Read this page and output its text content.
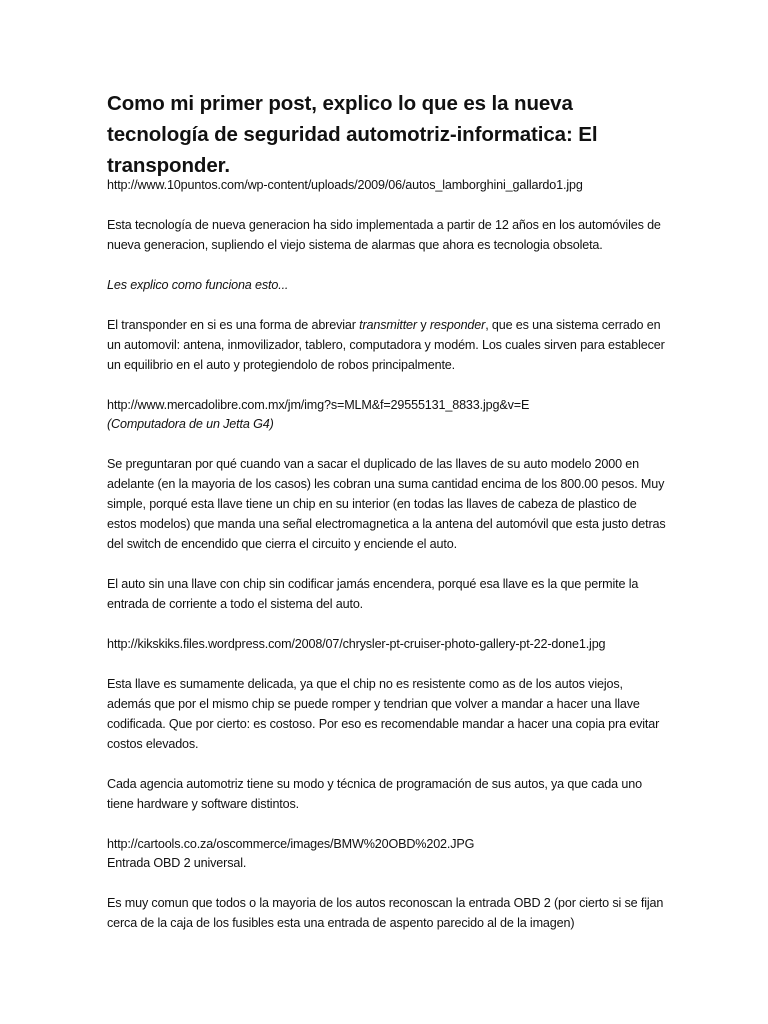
Como mi primer post, explico lo que es la nueva tecnología de seguridad automotriz-informatica: El transponder.

http://www.10puntos.com/wp-content/uploads/2009/06/autos_lamborghini_gallardo1.jpg

Esta tecnología de nueva generacion ha sido implementada a partir de 12 años en los automóviles de nueva generacion, supliendo el viejo sistema de alarmas que ahora es tecnologia obsoleta.

Les explico como funciona esto...

El transponder en si es una forma de abreviar transmitter y responder, que es una sistema cerrado en un automovil: antena, inmovilizador, tablero, computadora y modém. Los cuales sirven para establecer un equilibrio en el auto y protegiendolo de robos principalmente.

http://www.mercadolibre.com.mx/jm/img?s=MLM&f=29555131_8833.jpg&v=E

(Computadora de un Jetta G4)

Se preguntaran por qué cuando van a sacar el duplicado de las llaves de su auto modelo 2000 en adelante (en la mayoria de los casos) les cobran una suma cantidad encima de los 800.00 pesos. Muy simple, porqué esta llave tiene un chip en su interior (en todas las llaves de cabeza de plastico de estos modelos) que manda una señal electromagnetica a la antena del automóvil que esta justo detras del switch de encendido que cierra el circuito y enciende el auto.

El auto sin una llave con chip sin codificar jamás encendera, porqué esa llave es la que permite la entrada de corriente a todo el sistema del auto.

http://kikskiks.files.wordpress.com/2008/07/chrysler-pt-cruiser-photo-gallery-pt-22-done1.jpg

Esta llave es sumamente delicada, ya que el chip no es resistente como as de los autos viejos, además que por el mismo chip se puede romper y tendrian que volver a mandar a hacer una llave codificada. Que por cierto: es costoso. Por eso es recomendable mandar a hacer una copia pra evitar costos elevados.

Cada agencia automotriz tiene su modo y técnica de programación de sus autos, ya que cada uno tiene hardware y software distintos.

http://cartools.co.za/oscommerce/images/BMW%20OBD%202.JPG

Entrada OBD 2 universal.

Es muy comun que todos o la mayoria de los autos reconoscan la entrada OBD 2 (por cierto si se fijan cerca de la caja de los fusibles esta una entrada de aspento parecido al de la imagen)
